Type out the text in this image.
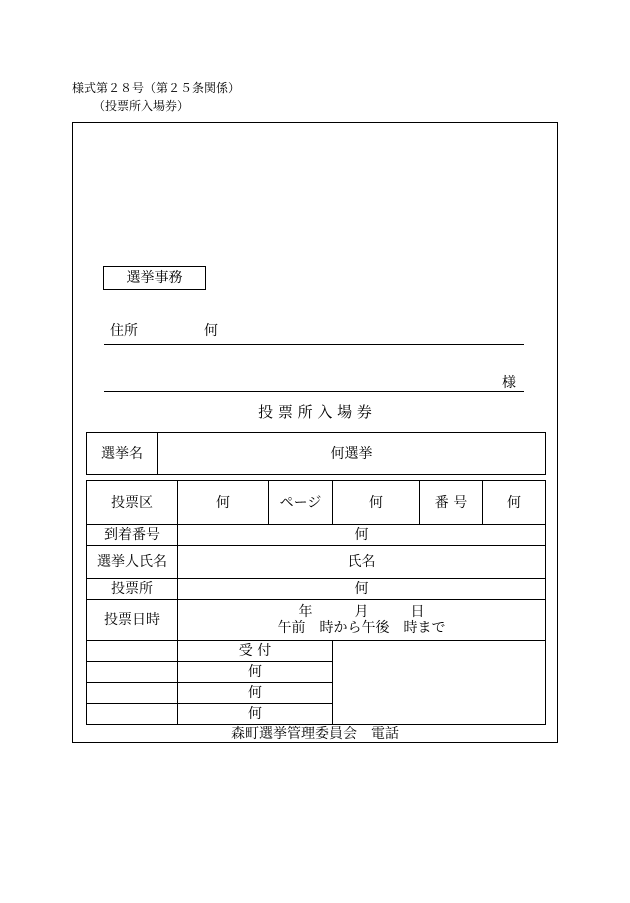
様式第２８号（第２５条関係）
（投票所入場券）
選挙事務
住所	何
様
投 票 所 入 場 券
選挙名	何選挙
投票区	何	ページ	何	番 号	何
到着番号	何				
選挙人氏名	氏名				
投票所	何				
投票日時	年　　　月　　　日
午前　時から午後　時まで				

	受 付				
	何				
	何				
	何				
森町選挙管理委員会　電話
